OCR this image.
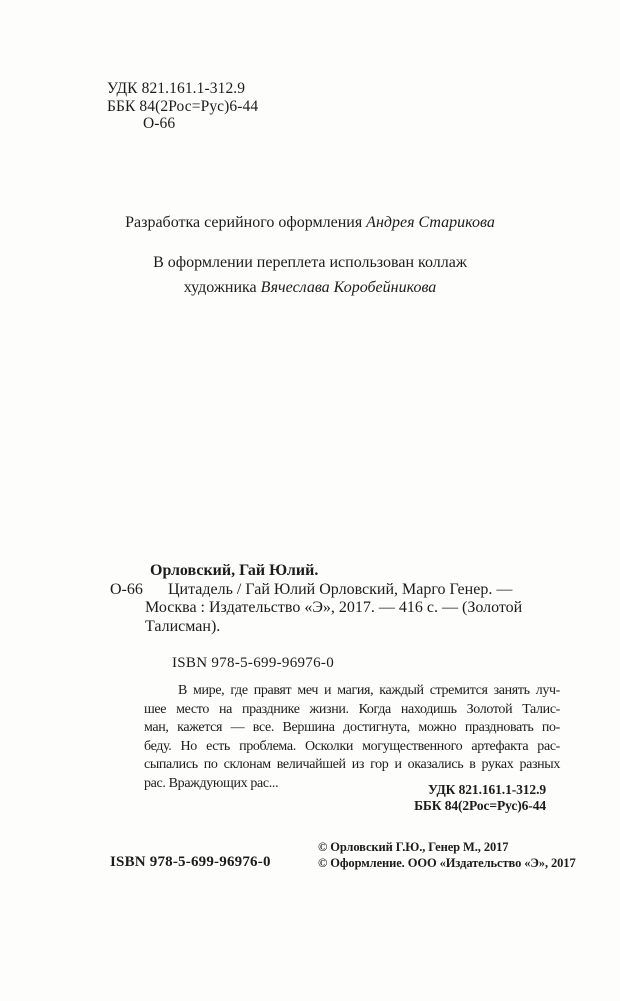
УДК 821.161.1-312.9
ББК 84(2Рос=Рус)6-44
О-66
Разработка серийного оформления Андрея Старикова
В оформлении переплета использован коллаж
художника Вячеслава Коробейникова
Орловский, Гай Юлий.
О-66	Цитадель / Гай Юлий Орловский, Марго Генер. —
Москва : Издательство «Э», 2017. — 416 с. — (Золотой
Талисман).
ISBN 978-5-699-96976-0
В мире, где правят меч и магия, каждый стремится занять луч-
шее место на празднике жизни. Когда находишь Золотой Талис-
ман, кажется — все. Вершина достигнута, можно праздновать по-
беду. Но есть проблема. Осколки могущественного артефакта рас-
сыпались по склонам величайшей из гор и оказались в руках разных
рас. Враждующих рас...	УДК 821.161.1-312.9
ББК 84(2Рос=Рус)6-44
ISBN 978-5-699-96976-0
© Орловский Г.Ю., Генер М., 2017
© Оформление. ООО «Издательство «Э», 2017
